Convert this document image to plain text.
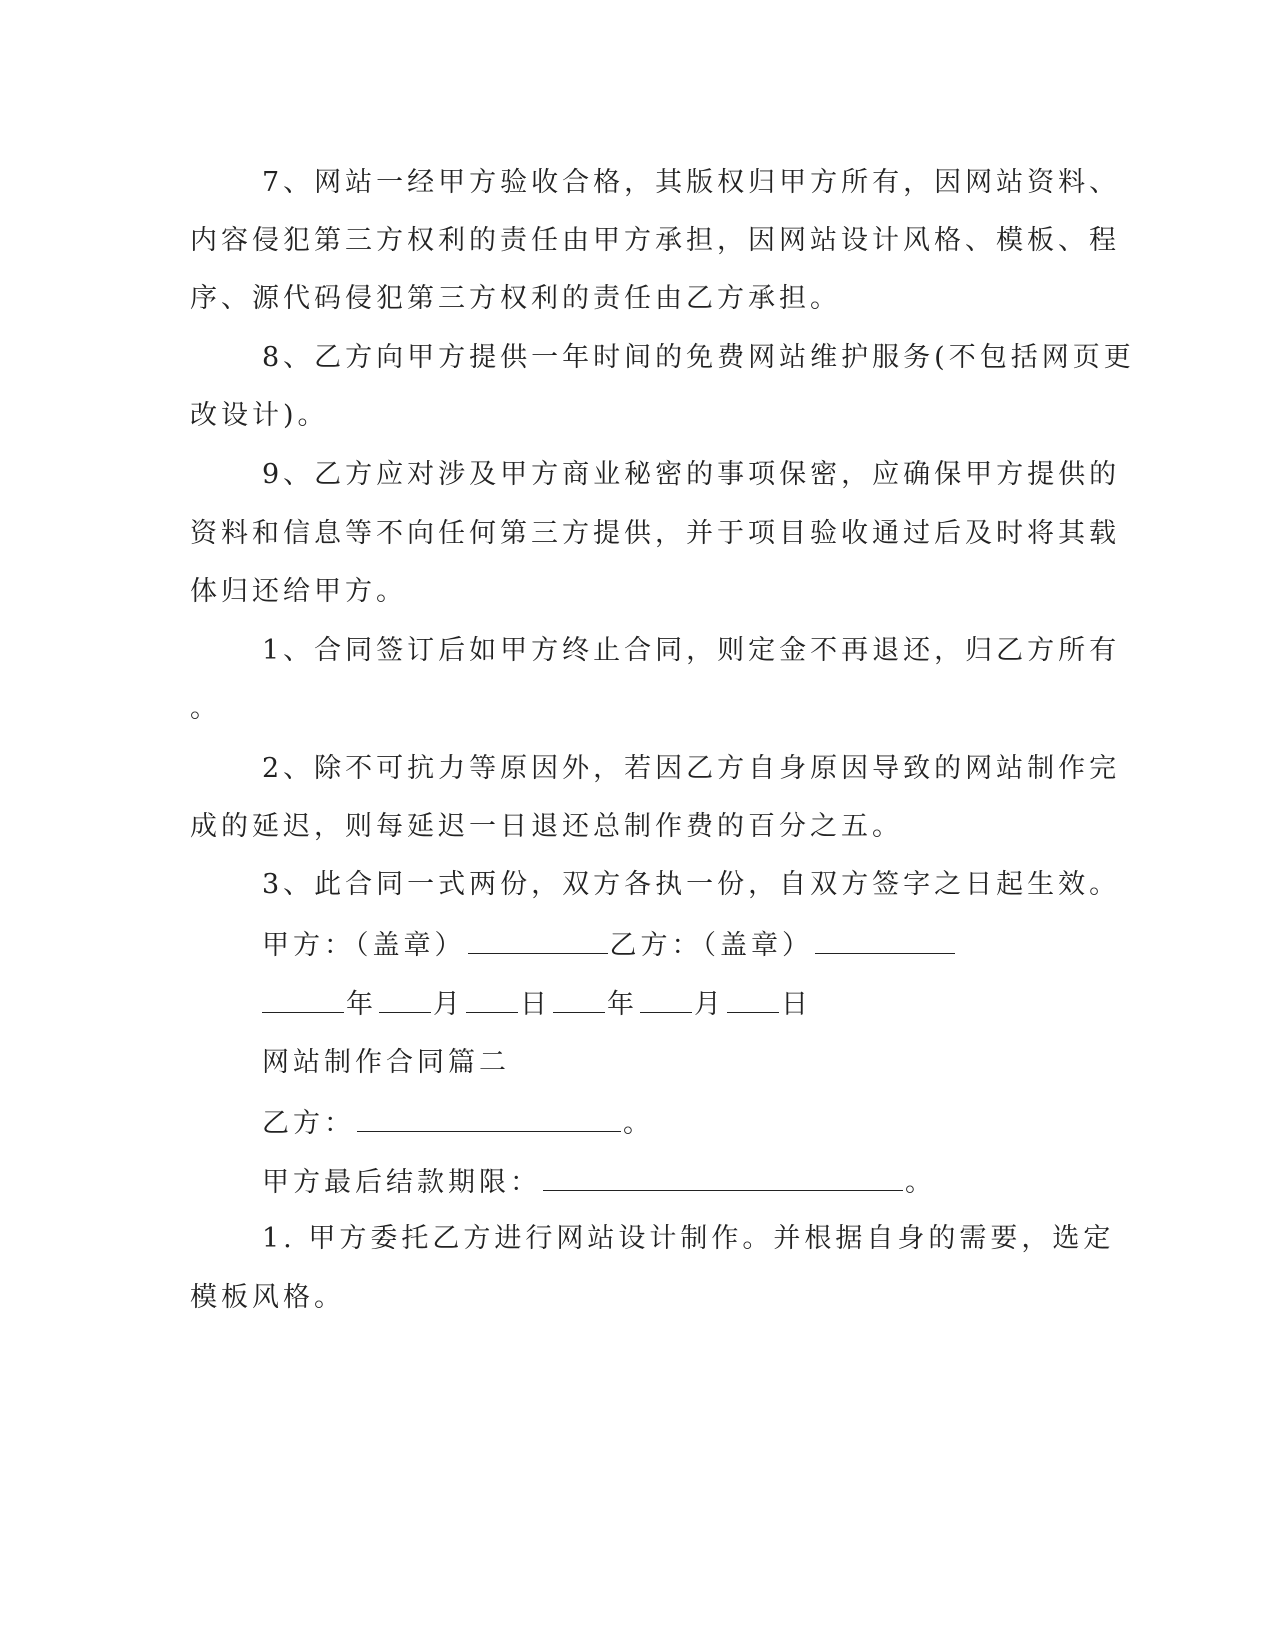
7、网站一经甲方验收合格，其版权归甲方所有，因网站资料、
内容侵犯第三方权利的责任由甲方承担，因网站设计风格、模板、程
序、源代码侵犯第三方权利的责任由乙方承担。
8、乙方向甲方提供一年时间的免费网站维护服务(不包括网页更
改设计)。
9、乙方应对涉及甲方商业秘密的事项保密，应确保甲方提供的
资料和信息等不向任何第三方提供，并于项目验收通过后及时将其载
体归还给甲方。
1、合同签订后如甲方终止合同，则定金不再退还，归乙方所有
。
2、除不可抗力等原因外，若因乙方自身原因导致的网站制作完
成的延迟，则每延迟一日退还总制作费的百分之五。
3、此合同一式两份，双方各执一份，自双方签字之日起生效。
甲方：（盖章）	乙方：（盖章）
年 月 日 年 月 日
网站制作合同篇二
乙方：	。
甲方最后结款期限：	。
1. 甲方委托乙方进行网站设计制作。并根据自身的需要，选定
模板风格。
